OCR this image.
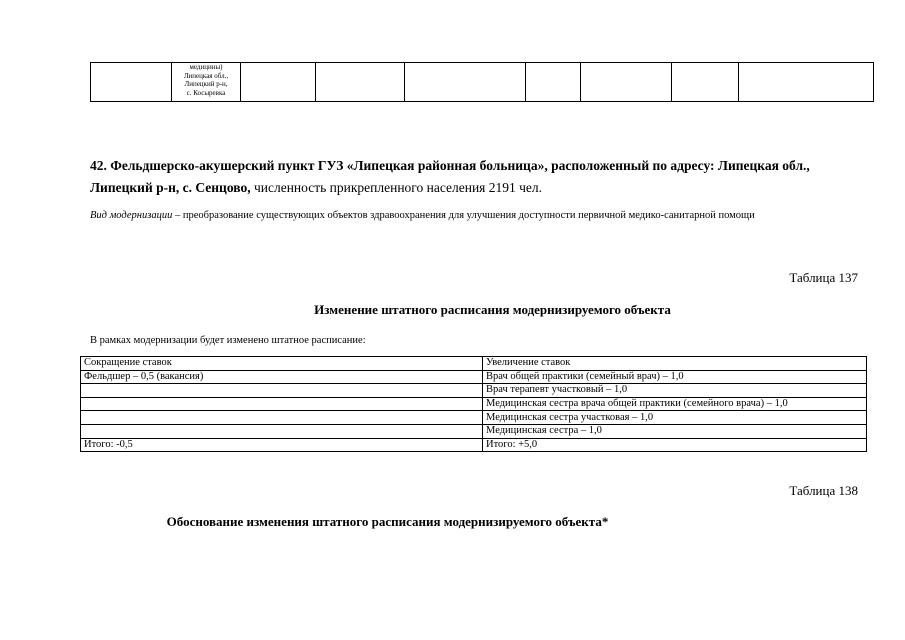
медицины)
Липецкая обл.,
Липецкий р-н,
с. Косыревка

42. Фельдшерско-акушерский пункт ГУЗ «Липецкая районная больница», расположенный по адресу: Липецкая обл., Липецкий р-н, с. Сенцово, численность прикрепленного населения 2191 чел.
Вид модернизации – преобразование существующих объектов здравоохранения для улучшения доступности первичной медико-санитарной помощи
Таблица 137
Изменение штатного расписания модернизируемого объекта
В рамках модернизации будет изменено штатное расписание:
Сокращение ставок	Увеличение ставок
Фельдшер – 0,5 (вакансия)	Врач общей практики (семейный врач) – 1,0
	Врач терапевт участковый – 1,0
	Медицинская сестра врача общей практики (семейного врача) – 1,0
	Медицинская сестра участковая – 1,0
	Медицинская сестра – 1,0
Итого: -0,5	Итого: +5,0
Таблица 138
Обоснование изменения штатного расписания модернизируемого объекта*
